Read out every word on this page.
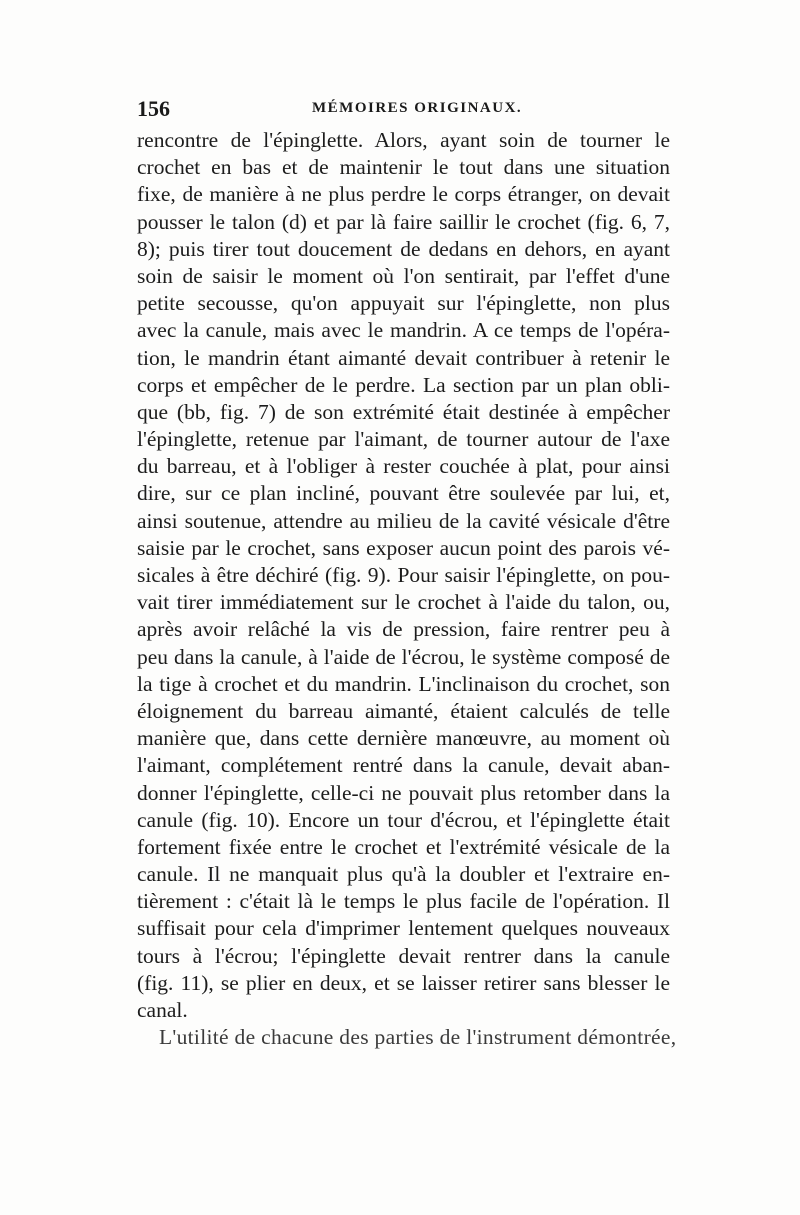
156	MÉMOIRES ORIGINAUX.
rencontre de l'épinglette. Alors, ayant soin de tourner le
crochet en bas et de maintenir le tout dans une situation
fixe, de manière à ne plus perdre le corps étranger, on devait
pousser le talon (d) et par là faire saillir le crochet (fig. 6, 7,
8); puis tirer tout doucement de dedans en dehors, en ayant
soin de saisir le moment où l'on sentirait, par l'effet d'une
petite secousse, qu'on appuyait sur l'épinglette, non plus
avec la canule, mais avec le mandrin. A ce temps de l'opéra-
tion, le mandrin étant aimanté devait contribuer à retenir le
corps et empêcher de le perdre. La section par un plan obli-
que (bb, fig. 7) de son extrémité était destinée à empêcher
l'épinglette, retenue par l'aimant, de tourner autour de l'axe
du barreau, et à l'obliger à rester couchée à plat, pour ainsi
dire, sur ce plan incliné, pouvant être soulevée par lui, et,
ainsi soutenue, attendre au milieu de la cavité vésicale d'être
saisie par le crochet, sans exposer aucun point des parois vé-
sicales à être déchiré (fig. 9). Pour saisir l'épinglette, on pou-
vait tirer immédiatement sur le crochet à l'aide du talon, ou,
après avoir relâché la vis de pression, faire rentrer peu à
peu dans la canule, à l'aide de l'écrou, le système composé de
la tige à crochet et du mandrin. L'inclinaison du crochet, son
éloignement du barreau aimanté, étaient calculés de telle
manière que, dans cette dernière manœuvre, au moment où
l'aimant, complétement rentré dans la canule, devait aban-
donner l'épinglette, celle-ci ne pouvait plus retomber dans la
canule (fig. 10). Encore un tour d'écrou, et l'épinglette était
fortement fixée entre le crochet et l'extrémité vésicale de la
canule. Il ne manquait plus qu'à la doubler et l'extraire en-
tièrement : c'était là le temps le plus facile de l'opération. Il
suffisait pour cela d'imprimer lentement quelques nouveaux
tours à l'écrou; l'épinglette devait rentrer dans la canule
(fig. 11), se plier en deux, et se laisser retirer sans blesser le
canal.
L'utilité de chacune des parties de l'instrument démontrée,
